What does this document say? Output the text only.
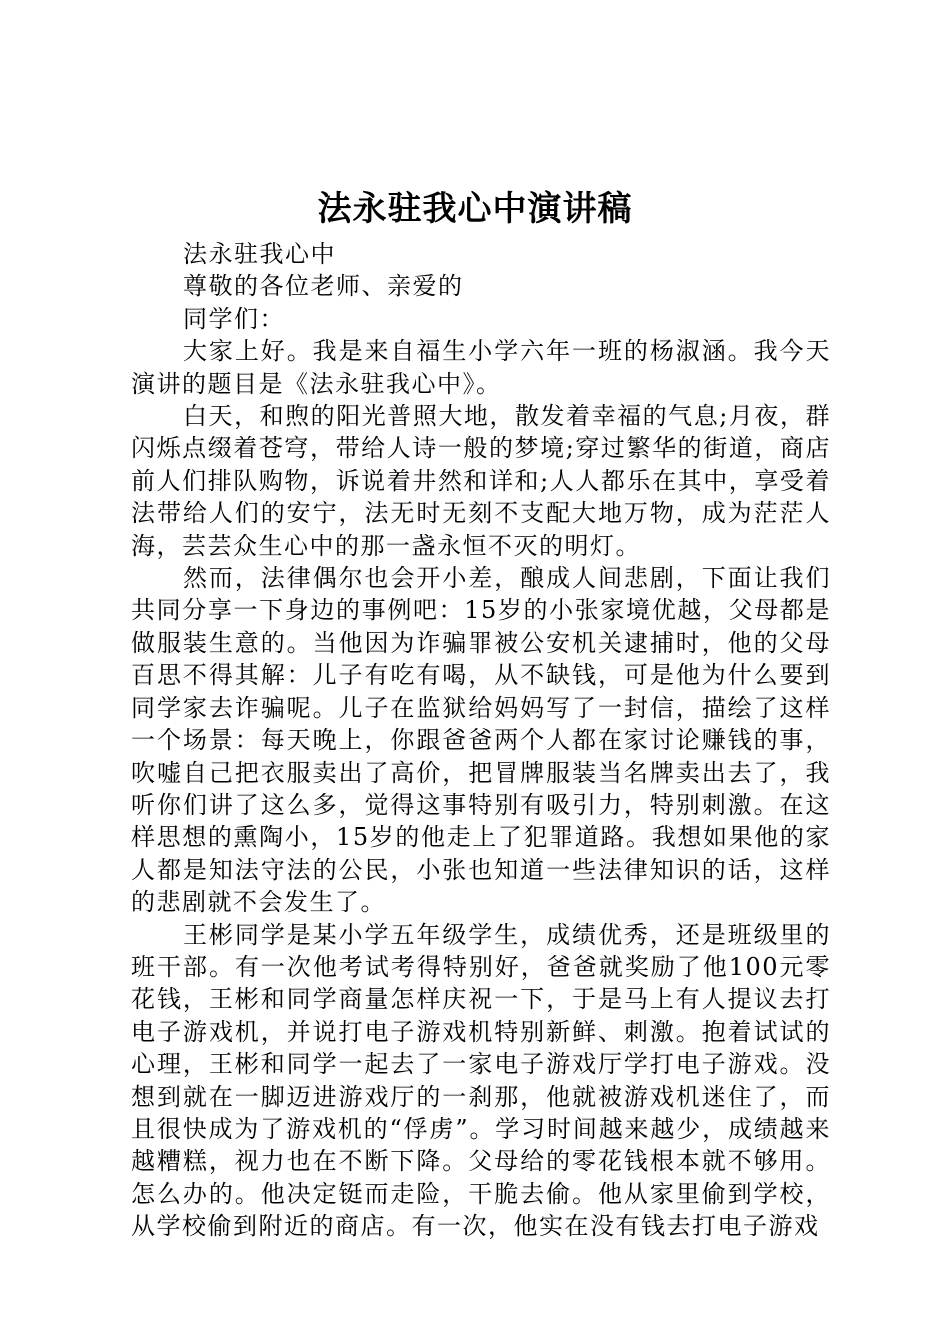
法永驻我心中演讲稿

法永驻我心中

尊敬的各位老师、亲爱的

同学们：

大家上好。我是来自福生小学六年一班的杨淑涵。我今天演讲的题目是《法永驻我心中》。

白天，和煦的阳光普照大地，散发着幸福的气息;月夜，群闪烁点缀着苍穹，带给人诗一般的梦境;穿过繁华的街道，商店前人们排队购物，诉说着井然和详和;人人都乐在其中，享受着法带给人们的安宁，法无时无刻不支配大地万物，成为茫茫人海，芸芸众生心中的那一盏永恒不灭的明灯。

然而，法律偶尔也会开小差，酿成人间悲剧，下面让我们共同分享一下身边的事例吧：15岁的小张家境优越，父母都是做服装生意的。当他因为诈骗罪被公安机关逮捕时，他的父母百思不得其解：儿子有吃有喝，从不缺钱，可是他为什么要到同学家去诈骗呢。儿子在监狱给妈妈写了一封信，描绘了这样一个场景：每天晚上，你跟爸爸两个人都在家讨论赚钱的事，吹嘘自己把衣服卖出了高价，把冒牌服装当名牌卖出去了，我听你们讲了这么多，觉得这事特别有吸引力，特别刺激。在这样思想的熏陶小，15岁的他走上了犯罪道路。我想如果他的家人都是知法守法的公民，小张也知道一些法律知识的话，这样的悲剧就不会发生了。

王彬同学是某小学五年级学生，成绩优秀，还是班级里的班干部。有一次他考试考得特别好，爸爸就奖励了他100元零花钱，王彬和同学商量怎样庆祝一下，于是马上有人提议去打电子游戏机，并说打电子游戏机特别新鲜、刺激。抱着试试的心理，王彬和同学一起去了一家电子游戏厅学打电子游戏。没想到就在一脚迈进游戏厅的一刹那，他就被游戏机迷住了，而且很快成为了游戏机的“俘虏”。学习时间越来越少，成绩越来越糟糕，视力也在不断下降。父母给的零花钱根本就不够用。怎么办的。他决定铤而走险，干脆去偷。他从家里偷到学校，从学校偷到附近的商店。有一次，他实在没有钱去打电子游戏
